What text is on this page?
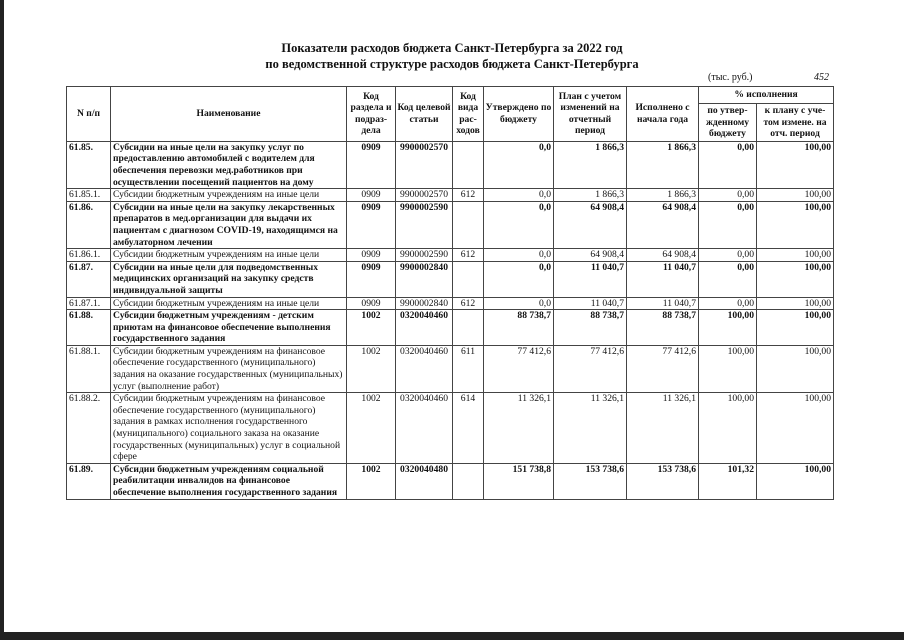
Показатели расходов бюджета Санкт-Петербурга за 2022 год
по ведомственной структуре расходов бюджета Санкт-Петербурга
(тыс. руб.)	452
N п/п	Наименование	Код раздела и подраз-дела	Код целевой статьи	Код вида рас-ходов	Утверждено по бюджету	План с учетом изменений на отчетный период	Исполнено с начала года	% исполнения	
								по утвер-жденному бюджету	к плану с уче-том измене. на отч. период
61.85.	Субсидии на иные цели на закупку услуг по предоставлению автомобилей с водителем для обеспечения перевозки мед.работников при осуществлении посещений пациентов на дому	0909	9900002570		0,0	1 866,3	1 866,3	0,00	100,00
61.85.1.	Субсидии бюджетным учреждениям на иные цели	0909	9900002570	612	0,0	1 866,3	1 866,3	0,00	100,00
61.86.	Субсидии на иные цели на закупку лекарственных препаратов в мед.организации для выдачи их пациентам с диагнозом COVID-19, находящимся на амбулаторном лечении	0909	9900002590		0,0	64 908,4	64 908,4	0,00	100,00
61.86.1.	Субсидии бюджетным учреждениям на иные цели	0909	9900002590	612	0,0	64 908,4	64 908,4	0,00	100,00
61.87.	Субсидии на иные цели для подведомственных медицинских организаций на закупку средств индивидуальной защиты	0909	9900002840		0,0	11 040,7	11 040,7	0,00	100,00
61.87.1.	Субсидии бюджетным учреждениям на иные цели	0909	9900002840	612	0,0	11 040,7	11 040,7	0,00	100,00
61.88.	Субсидии бюджетным учреждениям - детским приютам на финансовое обеспечение выполнения государственного задания	1002	0320040460		88 738,7	88 738,7	88 738,7	100,00	100,00
61.88.1.	Субсидии бюджетным учреждениям на финансовое обеспечение государственного (муниципального) задания на оказание государственных (муниципальных) услуг (выполнение работ)	1002	0320040460	611	77 412,6	77 412,6	77 412,6	100,00	100,00
61.88.2.	Субсидии бюджетным учреждениям на финансовое обеспечение государственного (муниципального) задания в рамках исполнения государственного (муниципального) социального заказа на оказание государственных (муниципальных) услуг в социальной сфере	1002	0320040460	614	11 326,1	11 326,1	11 326,1	100,00	100,00
61.89.	Субсидии бюджетным учреждениям социальной реабилитации инвалидов на финансовое обеспечение выполнения государственного задания	1002	0320040480		151 738,8	153 738,6	153 738,6	101,32	100,00
